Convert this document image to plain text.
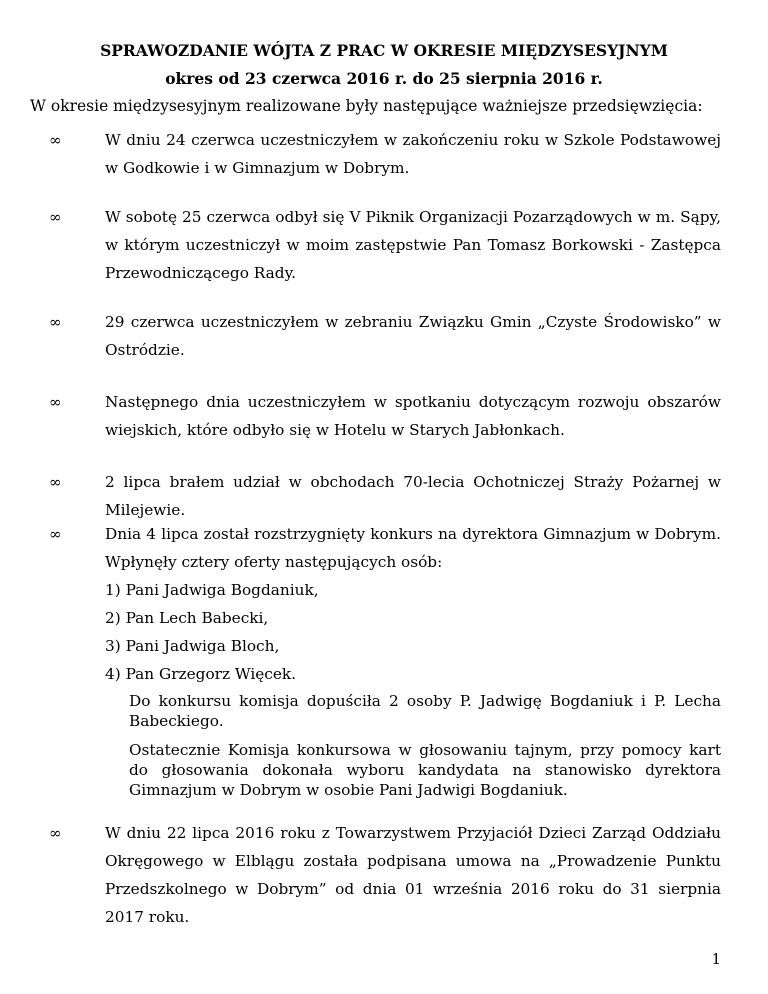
SPRAWOZDANIE WÓJTA Z PRAC W OKRESIE MIĘDZYSESYJNYM
okres od 23 czerwca 2016 r. do 25 sierpnia 2016 r.
W okresie międzysesyjnym realizowane były następujące ważniejsze przedsięwzięcia:
∞	W dniu 24 czerwca uczestniczyłem w zakończeniu roku w Szkole Podstawowej w Godkowie i w Gimnazjum w Dobrym.
∞	W sobotę 25 czerwca odbył się V Piknik Organizacji Pozarządowych w m. Sąpy, w którym uczestniczył w moim zastępstwie Pan Tomasz Borkowski - Zastępca Przewodniczącego Rady.
∞	29 czerwca uczestniczyłem w zebraniu Związku Gmin „Czyste Środowisko” w Ostródzie.
∞	Następnego dnia uczestniczyłem w spotkaniu dotyczącym rozwoju obszarów wiejskich, które odbyło się w Hotelu w Starych Jabłonkach.
∞	2 lipca brałem udział w obchodach 70-lecia Ochotniczej Straży Pożarnej w Milejewie.
∞	Dnia 4 lipca został rozstrzygnięty konkurs na dyrektora Gimnazjum w Dobrym. Wpłynęły cztery oferty następujących osób:
1) Pani Jadwiga Bogdaniuk,
2) Pan Lech Babecki,
3) Pani Jadwiga Bloch,
4) Pan Grzegorz Więcek.
Do konkursu komisja dopuściła 2 osoby P. Jadwigę Bogdaniuk i P. Lecha Babeckiego.
Ostatecznie Komisja konkursowa w głosowaniu tajnym, przy pomocy kart do głosowania dokonała wyboru kandydata na stanowisko dyrektora Gimnazjum w Dobrym w osobie Pani Jadwigi Bogdaniuk.
∞	W dniu 22 lipca 2016 roku z Towarzystwem Przyjaciół Dzieci Zarząd Oddziału Okręgowego w Elblągu została podpisana umowa na „Prowadzenie Punktu Przedszkolnego w Dobrym” od dnia 01 września 2016 roku do 31 sierpnia 2017 roku.
1
